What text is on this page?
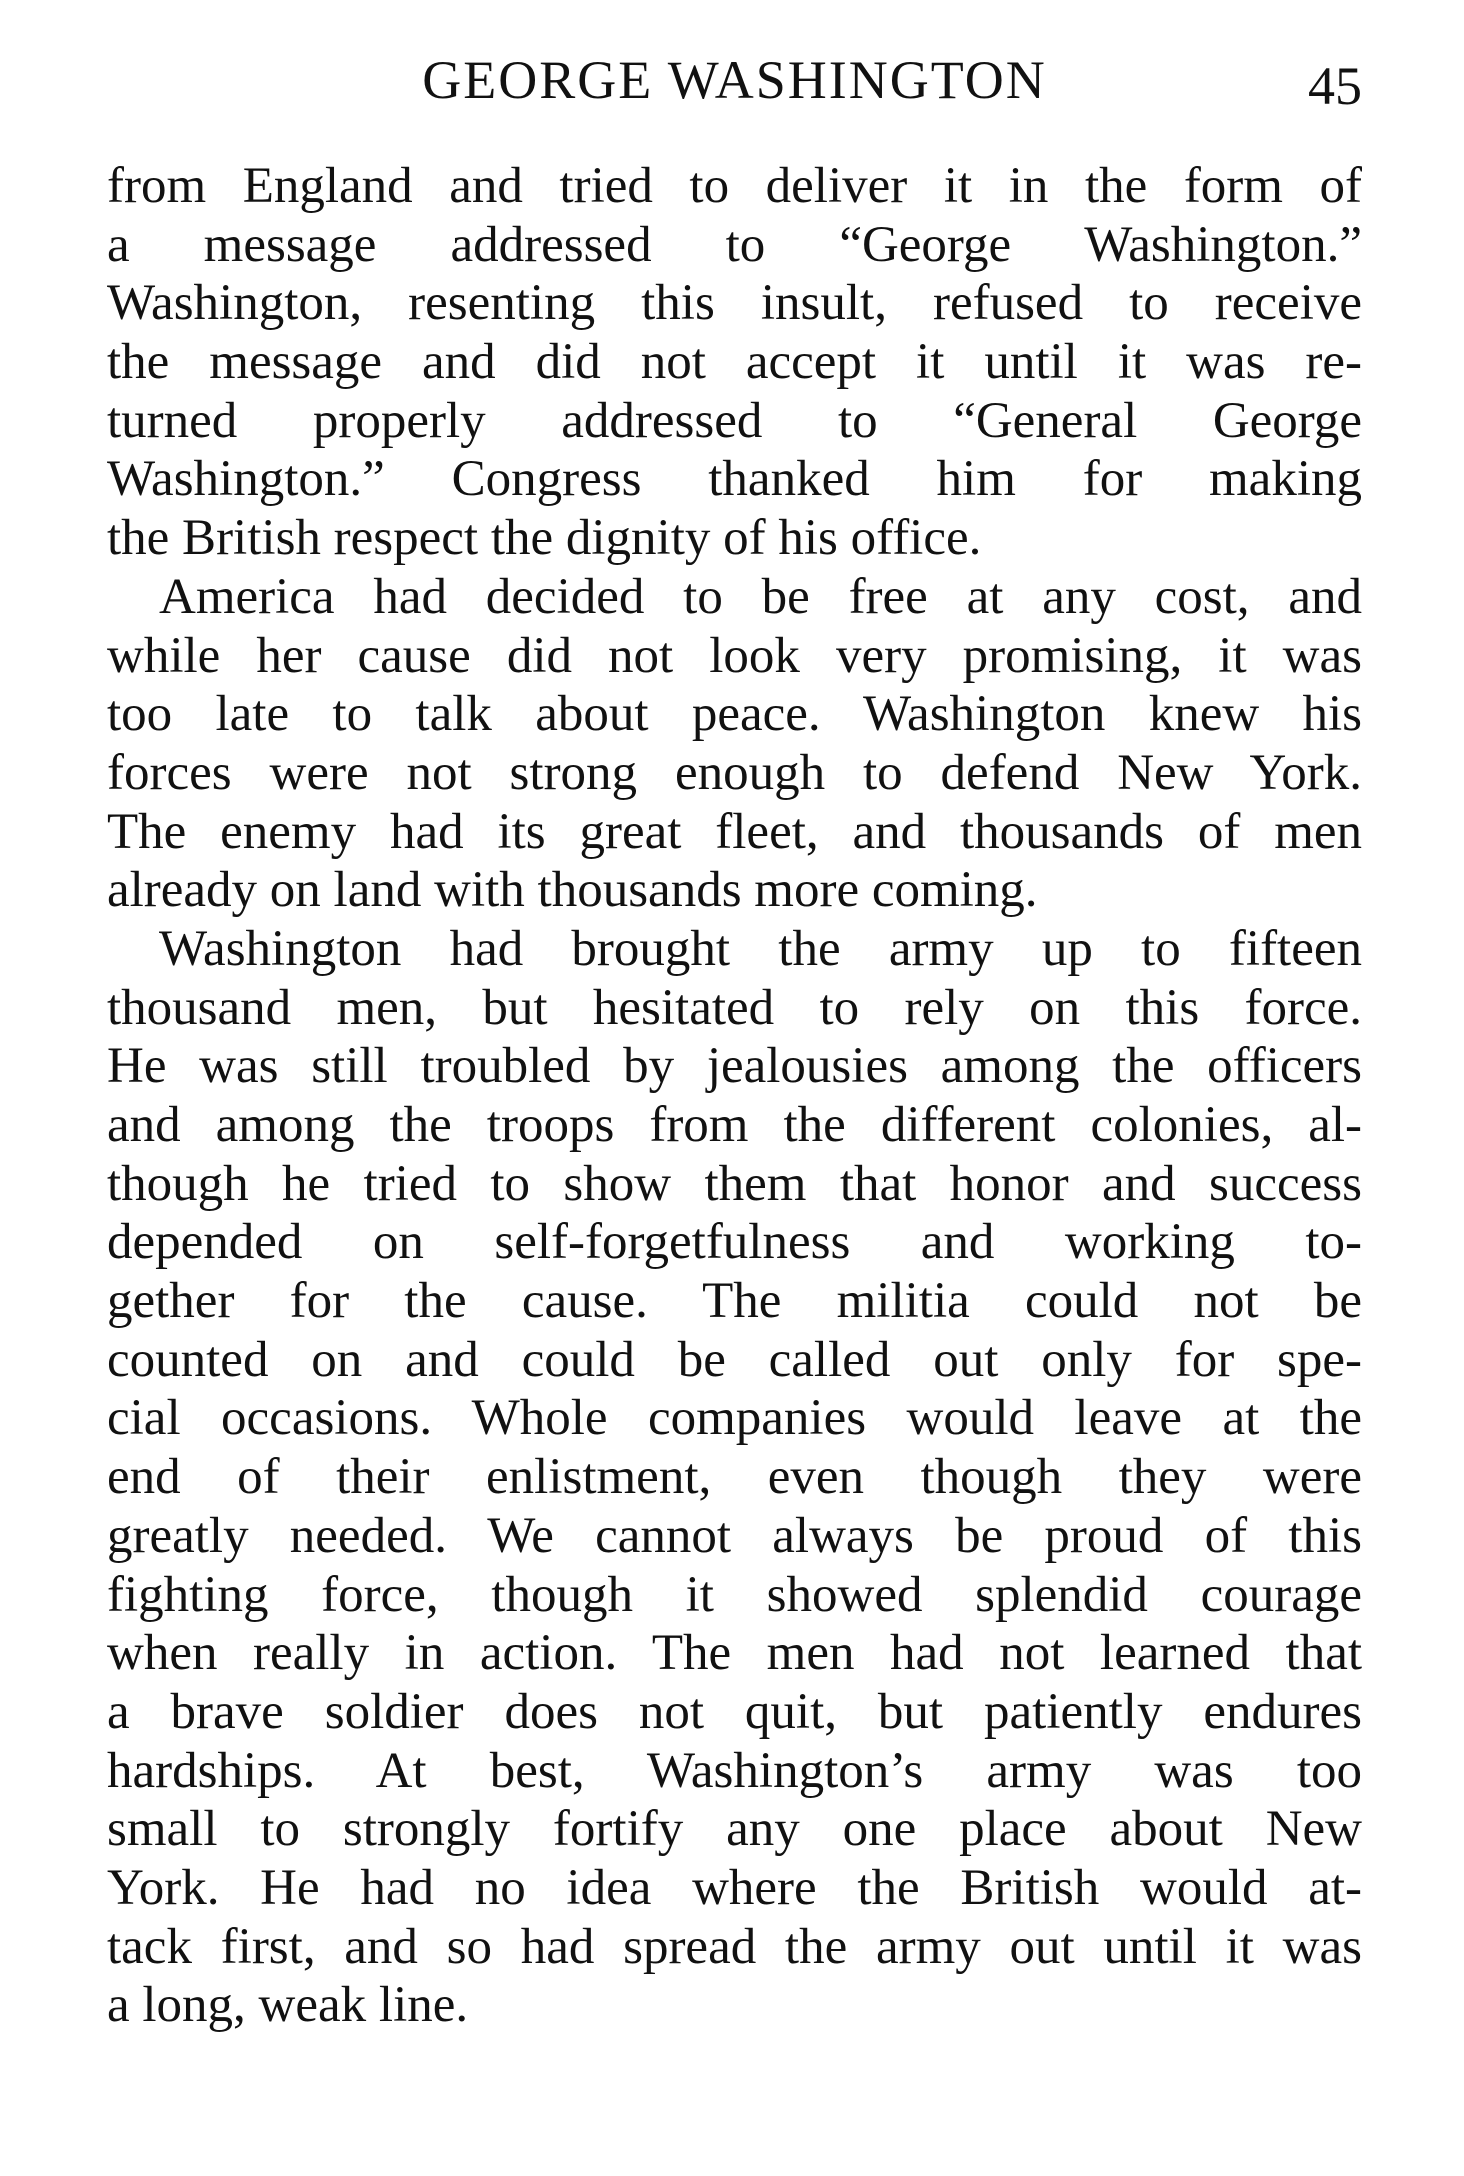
GEORGE WASHINGTON	45
from England and tried to deliver it in the form of
a message addressed to “George Washington.”
Washington, resenting this insult, refused to receive
the message and did not accept it until it was re-
turned properly addressed to “General George
Washington.” Congress thanked him for making
the British respect the dignity of his office.
America had decided to be free at any cost, and
while her cause did not look very promising, it was
too late to talk about peace. Washington knew his
forces were not strong enough to defend New York.
The enemy had its great fleet, and thousands of men
already on land with thousands more coming.
Washington had brought the army up to fifteen
thousand men, but hesitated to rely on this force.
He was still troubled by jealousies among the officers
and among the troops from the different colonies, al-
though he tried to show them that honor and success
depended on self-forgetfulness and working to-
gether for the cause. The militia could not be
counted on and could be called out only for spe-
cial occasions. Whole companies would leave at the
end of their enlistment, even though they were
greatly needed. We cannot always be proud of this
fighting force, though it showed splendid courage
when really in action. The men had not learned that
a brave soldier does not quit, but patiently endures
hardships. At best, Washington’s army was too
small to strongly fortify any one place about New
York. He had no idea where the British would at-
tack first, and so had spread the army out until it was
a long, weak line.
